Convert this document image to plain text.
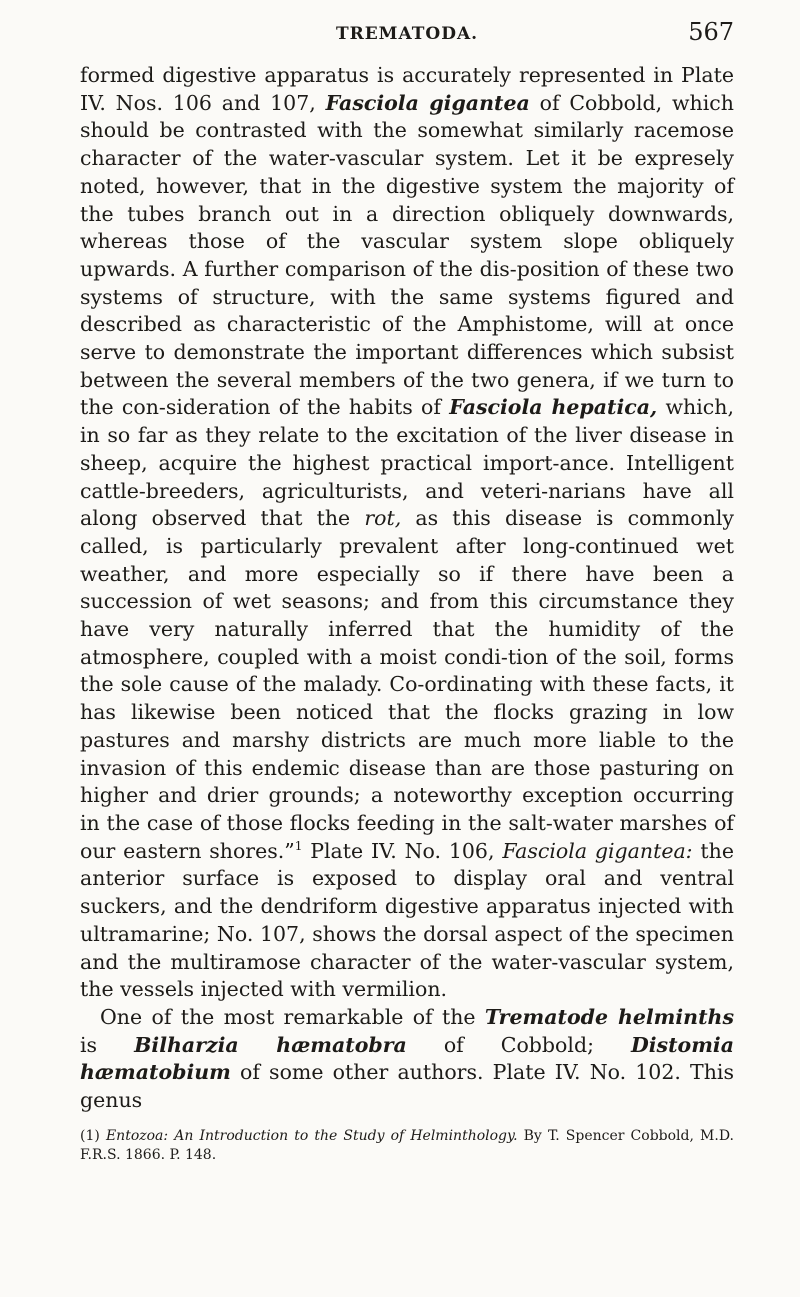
TREMATODA.	567

formed digestive apparatus is accurately represented in Plate IV. Nos. 106 and 107, Fasciola gigantea of Cobbold, which should be contrasted with the somewhat similarly racemose character of the water-vascular system. Let it be expresely noted, however, that in the digestive system the majority of the tubes branch out in a direction obliquely downwards, whereas those of the vascular system slope obliquely upwards. A further comparison of the dis-position of these two systems of structure, with the same systems figured and described as characteristic of the Amphistome, will at once serve to demonstrate the important differences which subsist between the several members of the two genera, if we turn to the con-sideration of the habits of Fasciola hepatica, which, in so far as they relate to the excitation of the liver disease in sheep, acquire the highest practical import-ance. Intelligent cattle-breeders, agriculturists, and veteri-narians have all along observed that the rot, as this disease is commonly called, is particularly prevalent after long-continued wet weather, and more especially so if there have been a succession of wet seasons; and from this circumstance they have very naturally inferred that the humidity of the atmosphere, coupled with a moist condi-tion of the soil, forms the sole cause of the malady. Co-ordinating with these facts, it has likewise been noticed that the flocks grazing in low pastures and marshy districts are much more liable to the invasion of this endemic disease than are those pasturing on higher and drier grounds; a noteworthy exception occurring in the case of those flocks feeding in the salt-water marshes of our eastern shores.”$^1$ Plate IV. No. 106, Fasciola gigantea: the anterior surface is exposed to display oral and ventral suckers, and the dendriform digestive apparatus injected with ultramarine; No. 107, shows the dorsal aspect of the specimen and the multiramose character of the water-vascular system, the vessels injected with vermilion.

One of the most remarkable of the Trematode helminths is Bilharzia hæmatobra of Cobbold; Distomia hæmatobium of some other authors. Plate IV. No. 102. This genus

(1) Entozoa: An Introduction to the Study of Helminthology. By T. Spencer Cobbold, M.D. F.R.S. 1866. P. 148.
